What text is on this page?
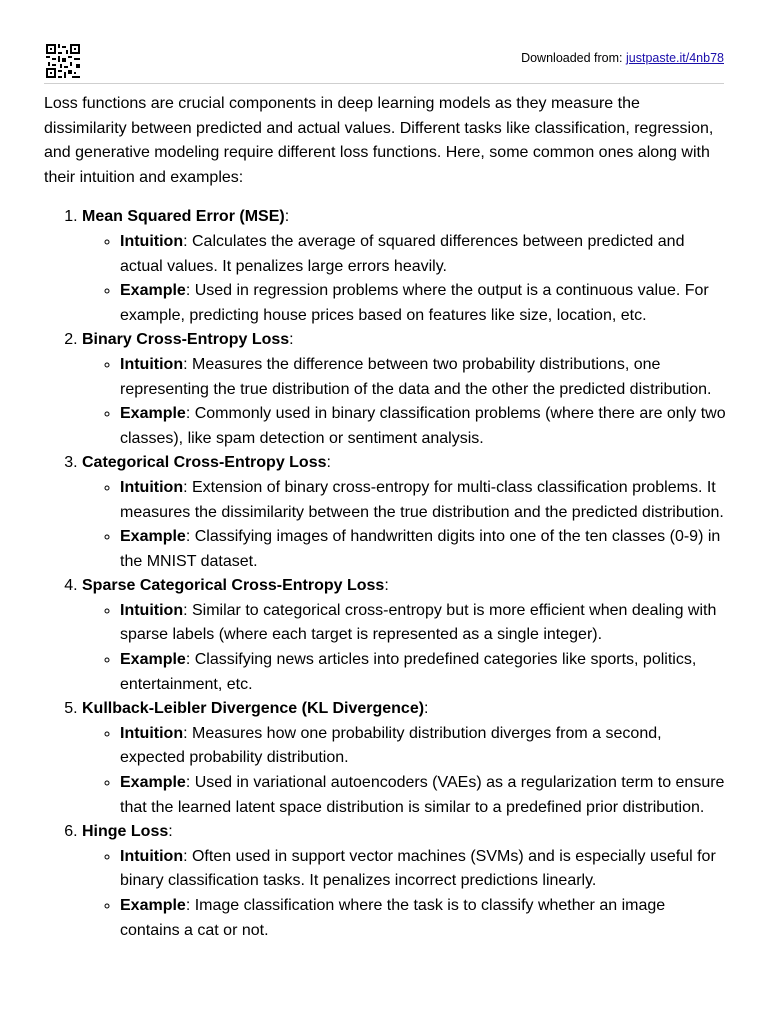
Downloaded from: justpaste.it/4nb78

Loss functions are crucial components in deep learning models as they measure the dissimilarity between predicted and actual values. Different tasks like classification, regression, and generative modeling require different loss functions. Here, some common ones along with their intuition and examples:

1. Mean Squared Error (MSE):
◦ Intuition: Calculates the average of squared differences between predicted and actual values. It penalizes large errors heavily.
◦ Example: Used in regression problems where the output is a continuous value. For example, predicting house prices based on features like size, location, etc.
2. Binary Cross-Entropy Loss:
◦ Intuition: Measures the difference between two probability distributions, one representing the true distribution of the data and the other the predicted distribution.
◦ Example: Commonly used in binary classification problems (where there are only two classes), like spam detection or sentiment analysis.
3. Categorical Cross-Entropy Loss:
◦ Intuition: Extension of binary cross-entropy for multi-class classification problems. It measures the dissimilarity between the true distribution and the predicted distribution.
◦ Example: Classifying images of handwritten digits into one of the ten classes (0-9) in the MNIST dataset.
4. Sparse Categorical Cross-Entropy Loss:
◦ Intuition: Similar to categorical cross-entropy but is more efficient when dealing with sparse labels (where each target is represented as a single integer).
◦ Example: Classifying news articles into predefined categories like sports, politics, entertainment, etc.
5. Kullback-Leibler Divergence (KL Divergence):
◦ Intuition: Measures how one probability distribution diverges from a second, expected probability distribution.
◦ Example: Used in variational autoencoders (VAEs) as a regularization term to ensure that the learned latent space distribution is similar to a predefined prior distribution.
6. Hinge Loss:
◦ Intuition: Often used in support vector machines (SVMs) and is especially useful for binary classification tasks. It penalizes incorrect predictions linearly.
◦ Example: Image classification where the task is to classify whether an image contains a cat or not.
